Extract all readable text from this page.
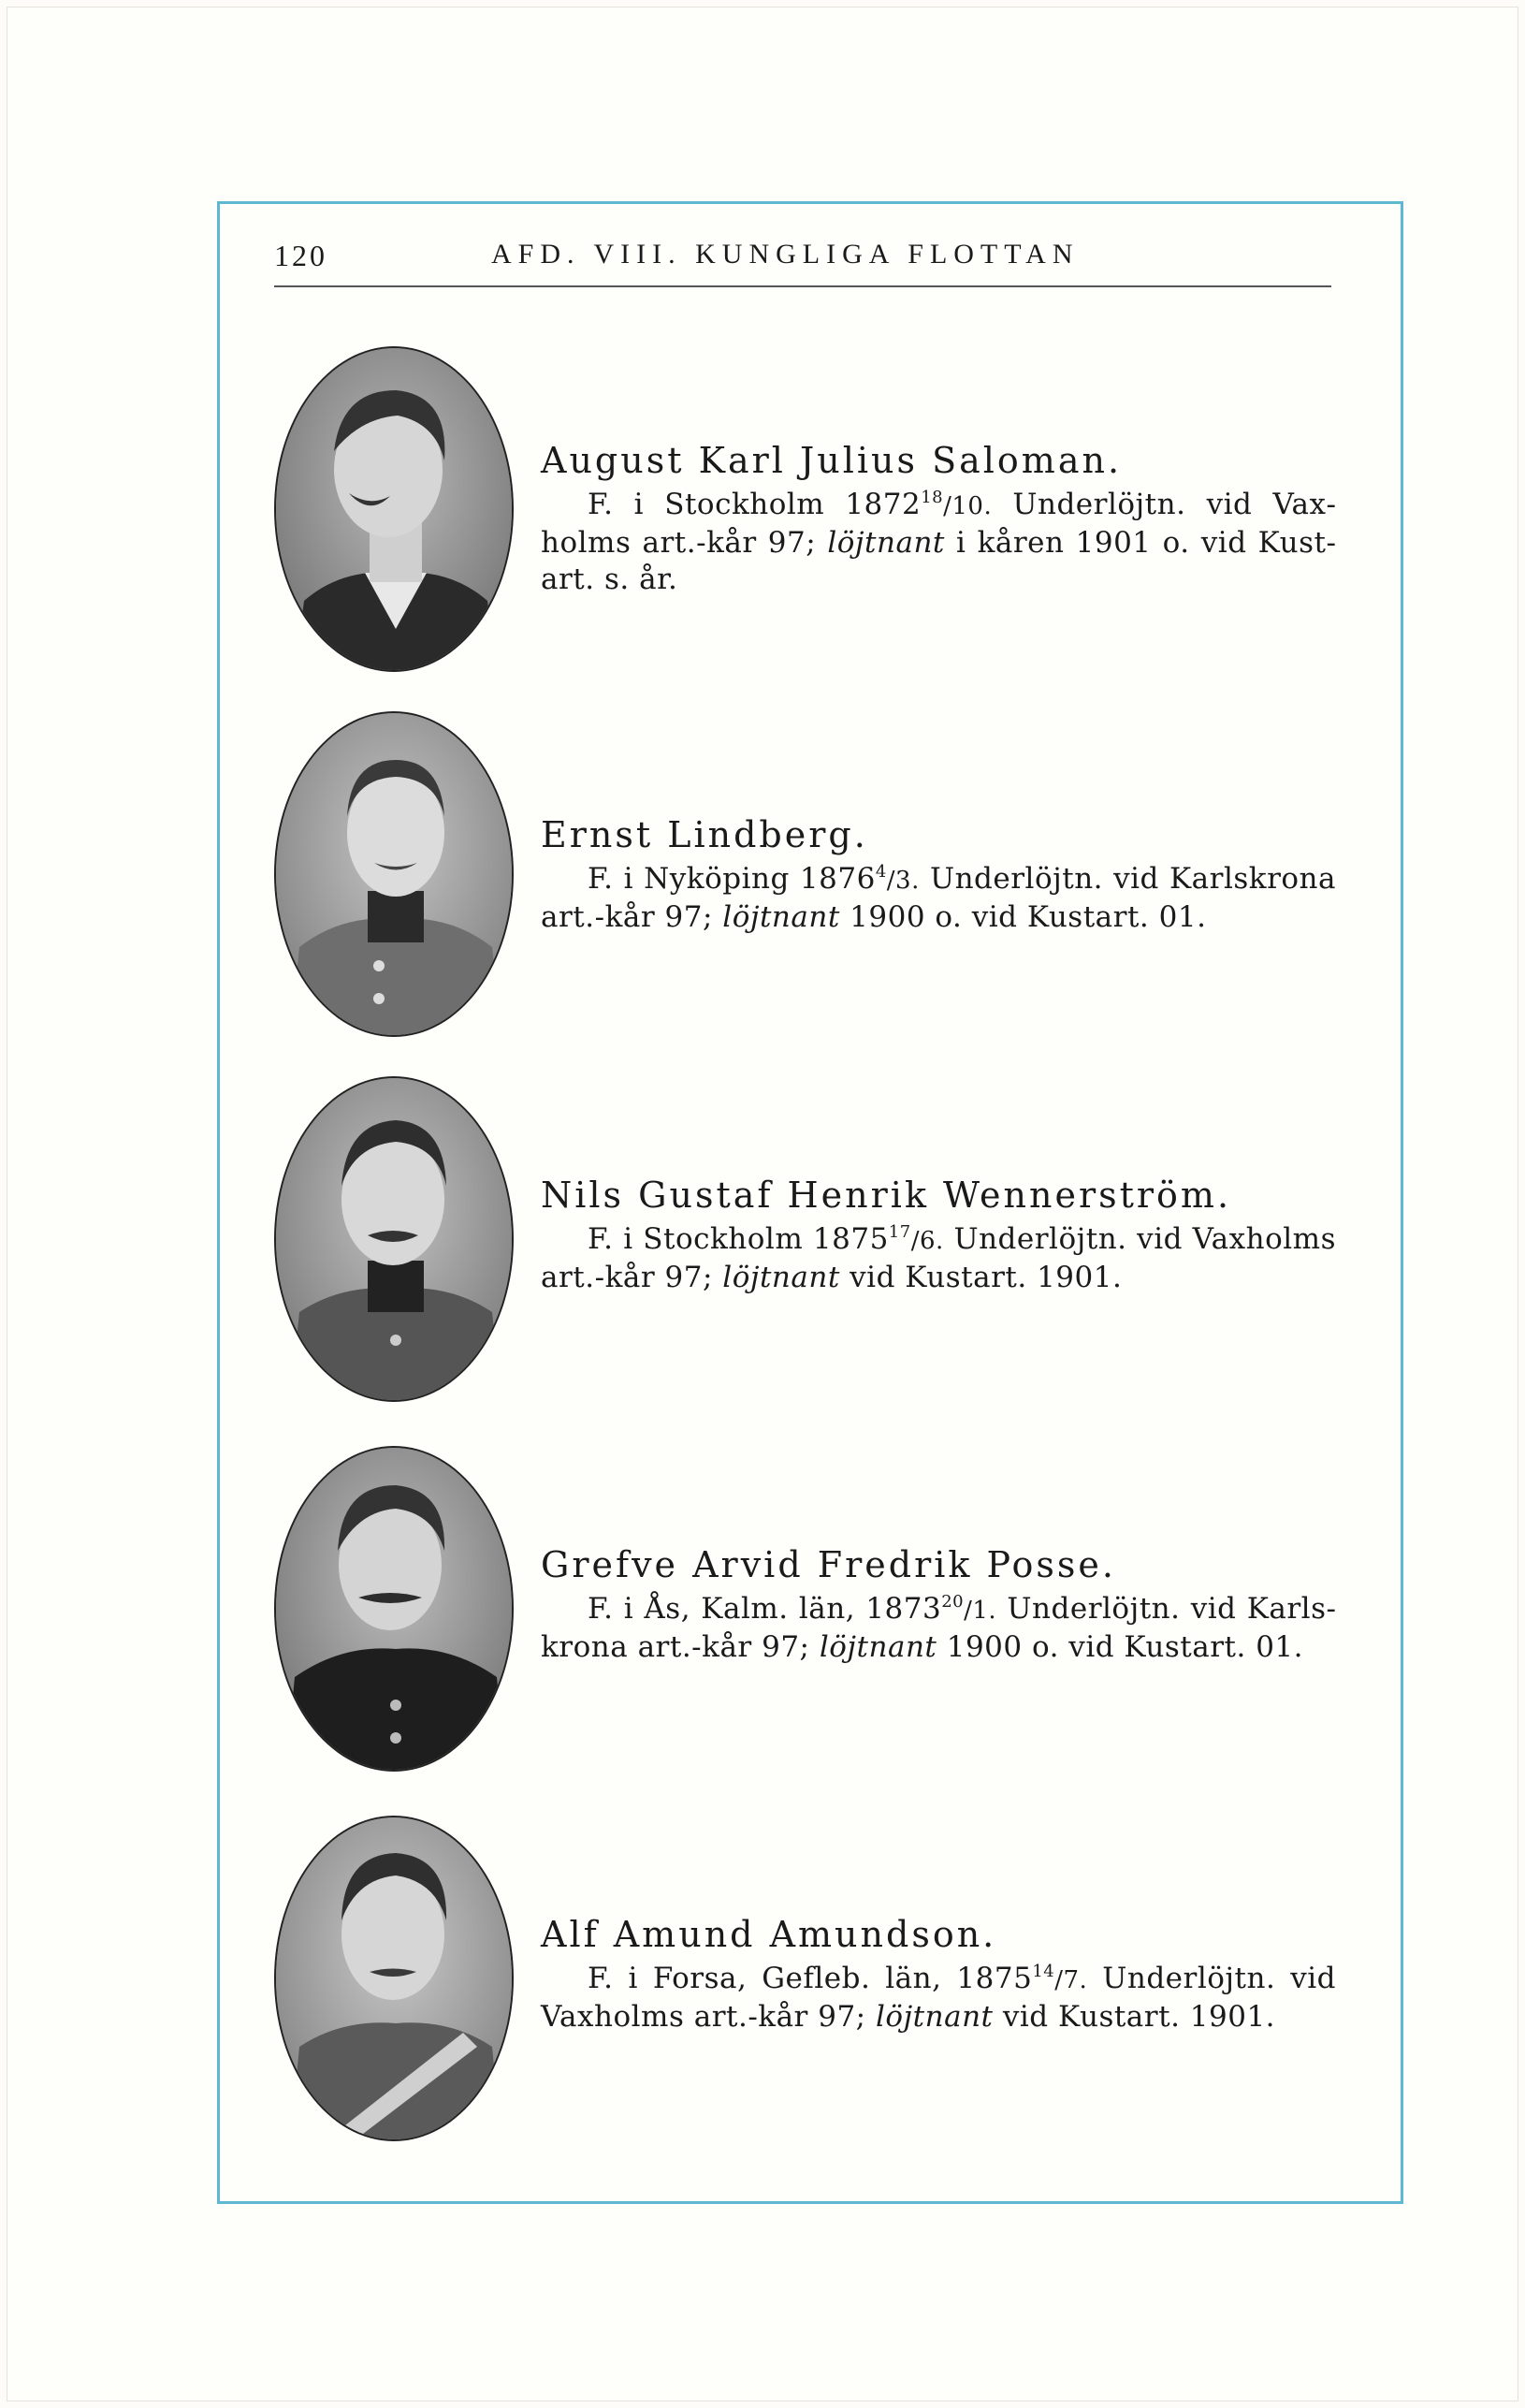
120	AFD. VIII. KUNGLIGA FLOTTAN

August Karl Julius Saloman.

F. i Stockholm 1872$^{18}$/10. Underlöjtn. vid Vaxholms art.-kår 97; löjtnant i kåren 1901 o. vid Kustart. s. år.

Ernst Lindberg.

F. i Nyköping 1876$^4$/3. Underlöjtn. vid Karlskrona art.-kår 97; löjtnant 1900 o. vid Kustart. 01.

Nils Gustaf Henrik Wennerström.

F. i Stockholm 1875$^{17}$/6. Underlöjtn. vid Vaxholms art.-kår 97; löjtnant vid Kustart. 1901.

Grefve Arvid Fredrik Posse.

F. i Ås, Kalm. län, 1873$^{20}$/1. Underlöjtn. vid Karlskrona art.-kår 97; löjtnant 1900 o. vid Kustart. 01.

Alf Amund Amundson.

F. i Forsa, Gefleb. län, 1875$^{14}$/7. Underlöjtn. vid Vaxholms art.-kår 97; löjtnant vid Kustart. 1901.
